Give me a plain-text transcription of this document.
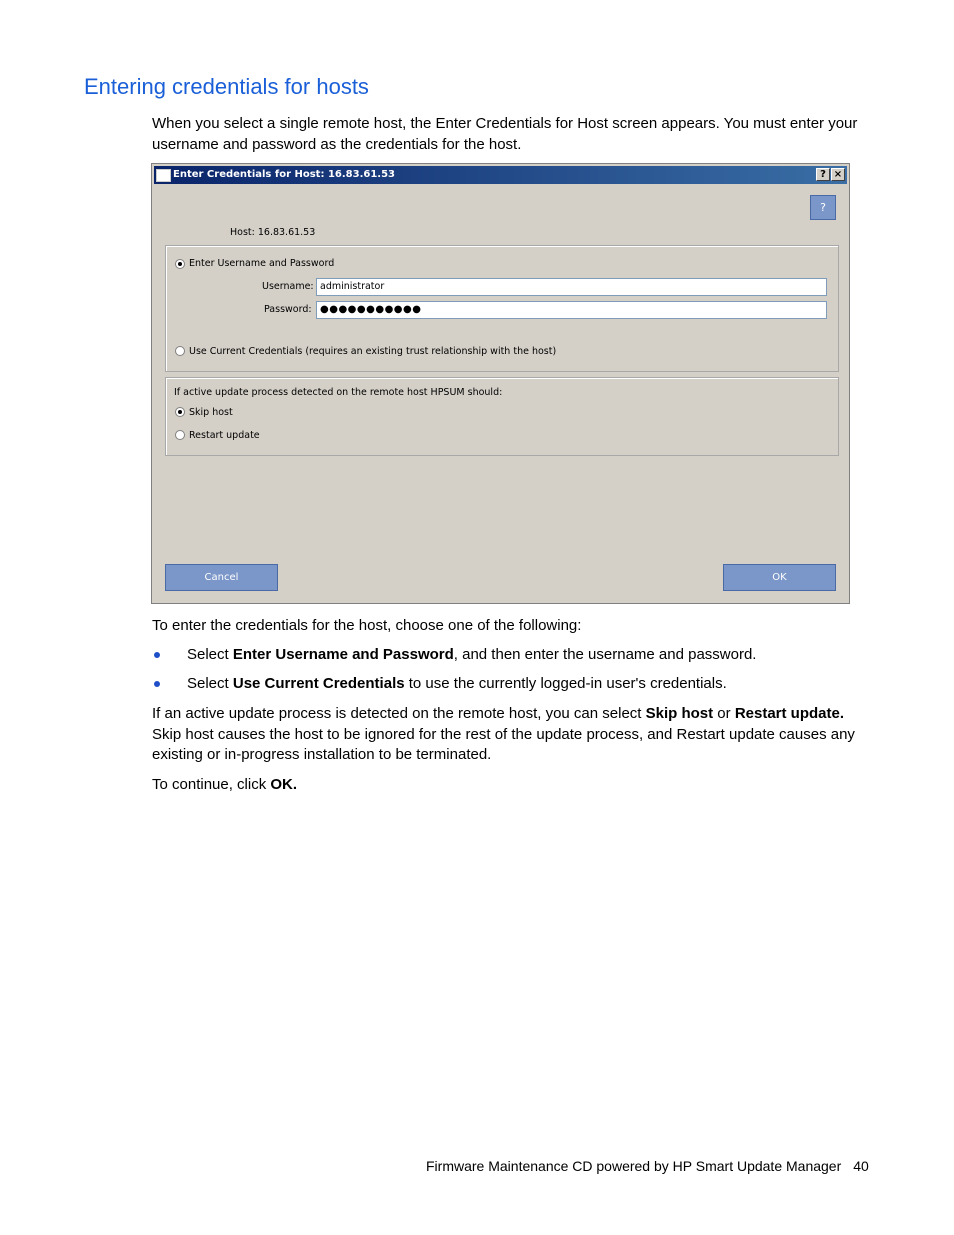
Entering credentials for hosts

When you select a single remote host, the Enter Credentials for Host screen appears. You must enter your username and password as the credentials for the host.

Enter Credentials for Host: 16.83.61.53	? ×
?
Host: 16.83.61.53
Enter Username and Password
Username: administrator
Password: ●●●●●●●●●●●
Use Current Credentials (requires an existing trust relationship with the host)
If active update process detected on the remote host HPSUM should:
Skip host
Restart update
Cancel	OK

To enter the credentials for the host, choose one of the following:

Select Enter Username and Password, and then enter the username and password.
Select Use Current Credentials to use the currently logged-in user's credentials.

If an active update process is detected on the remote host, you can select Skip host or Restart update. Skip host causes the host to be ignored for the rest of the update process, and Restart update causes any existing or in-progress installation to be terminated.

To continue, click OK.

Firmware Maintenance CD powered by HP Smart Update Manager 40
